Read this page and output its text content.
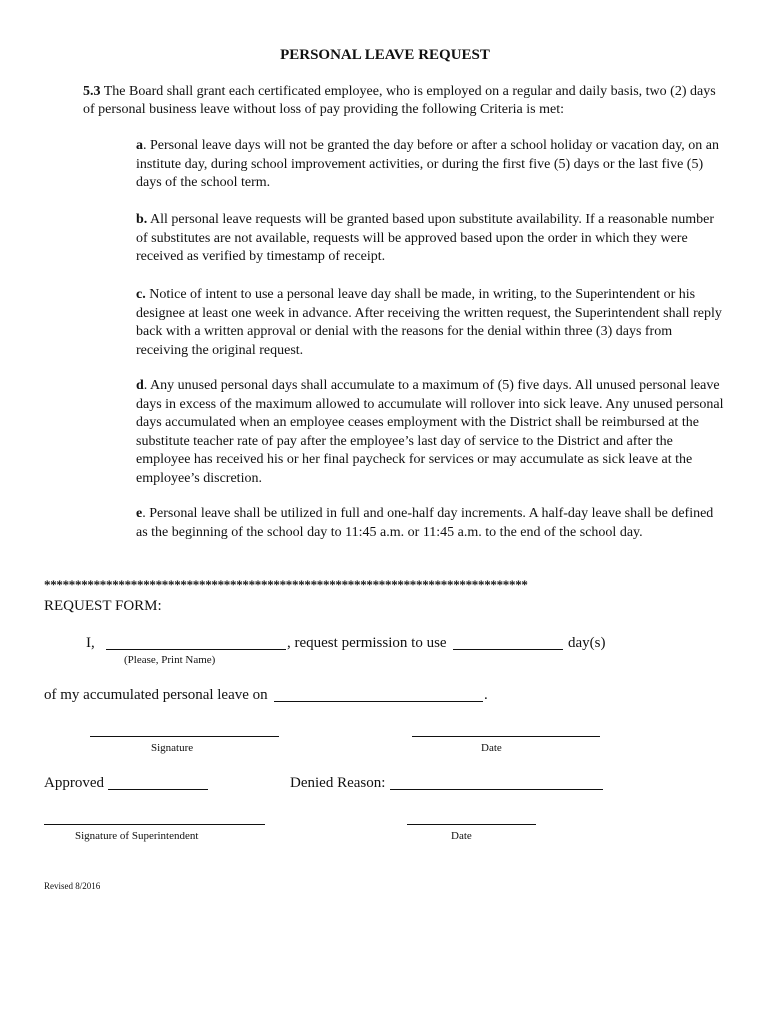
PERSONAL LEAVE REQUEST
5.3 The Board shall grant each certificated employee, who is employed on a regular and daily basis, two (2) days of personal business leave without loss of pay providing the following Criteria is met:
a. Personal leave days will not be granted the day before or after a school holiday or vacation day, on an institute day, during school improvement activities, or during the first five (5) days or the last five (5) days of the school term.
b. All personal leave requests will be granted based upon substitute availability. If a reasonable number of substitutes are not available, requests will be approved based upon the order in which they were received as verified by timestamp of receipt.
c. Notice of intent to use a personal leave day shall be made, in writing, to the Superintendent or his designee at least one week in advance. After receiving the written request, the Superintendent shall reply back with a written approval or denial with the reasons for the denial within three (3) days from receiving the original request.
d. Any unused personal days shall accumulate to a maximum of (5) five days. All unused personal leave days in excess of the maximum allowed to accumulate will rollover into sick leave. Any unused personal days accumulated when an employee ceases employment with the District shall be reimbursed at the substitute teacher rate of pay after the employee’s last day of service to the District and after the employee has received his or her final paycheck for services or may accumulate as sick leave at the employee’s discretion.
e. Personal leave shall be utilized in full and one-half day increments. A half-day leave shall be defined as the beginning of the school day to 11:45 a.m. or 11:45 a.m. to the end of the school day.
******************************************************************************
REQUEST FORM:
I,	, request permission to use	day(s)
(Please, Print Name)
of my accumulated personal leave on	.
Signature	Date
Approved	Denied Reason:
Signature of Superintendent	Date
Revised 8/2016
